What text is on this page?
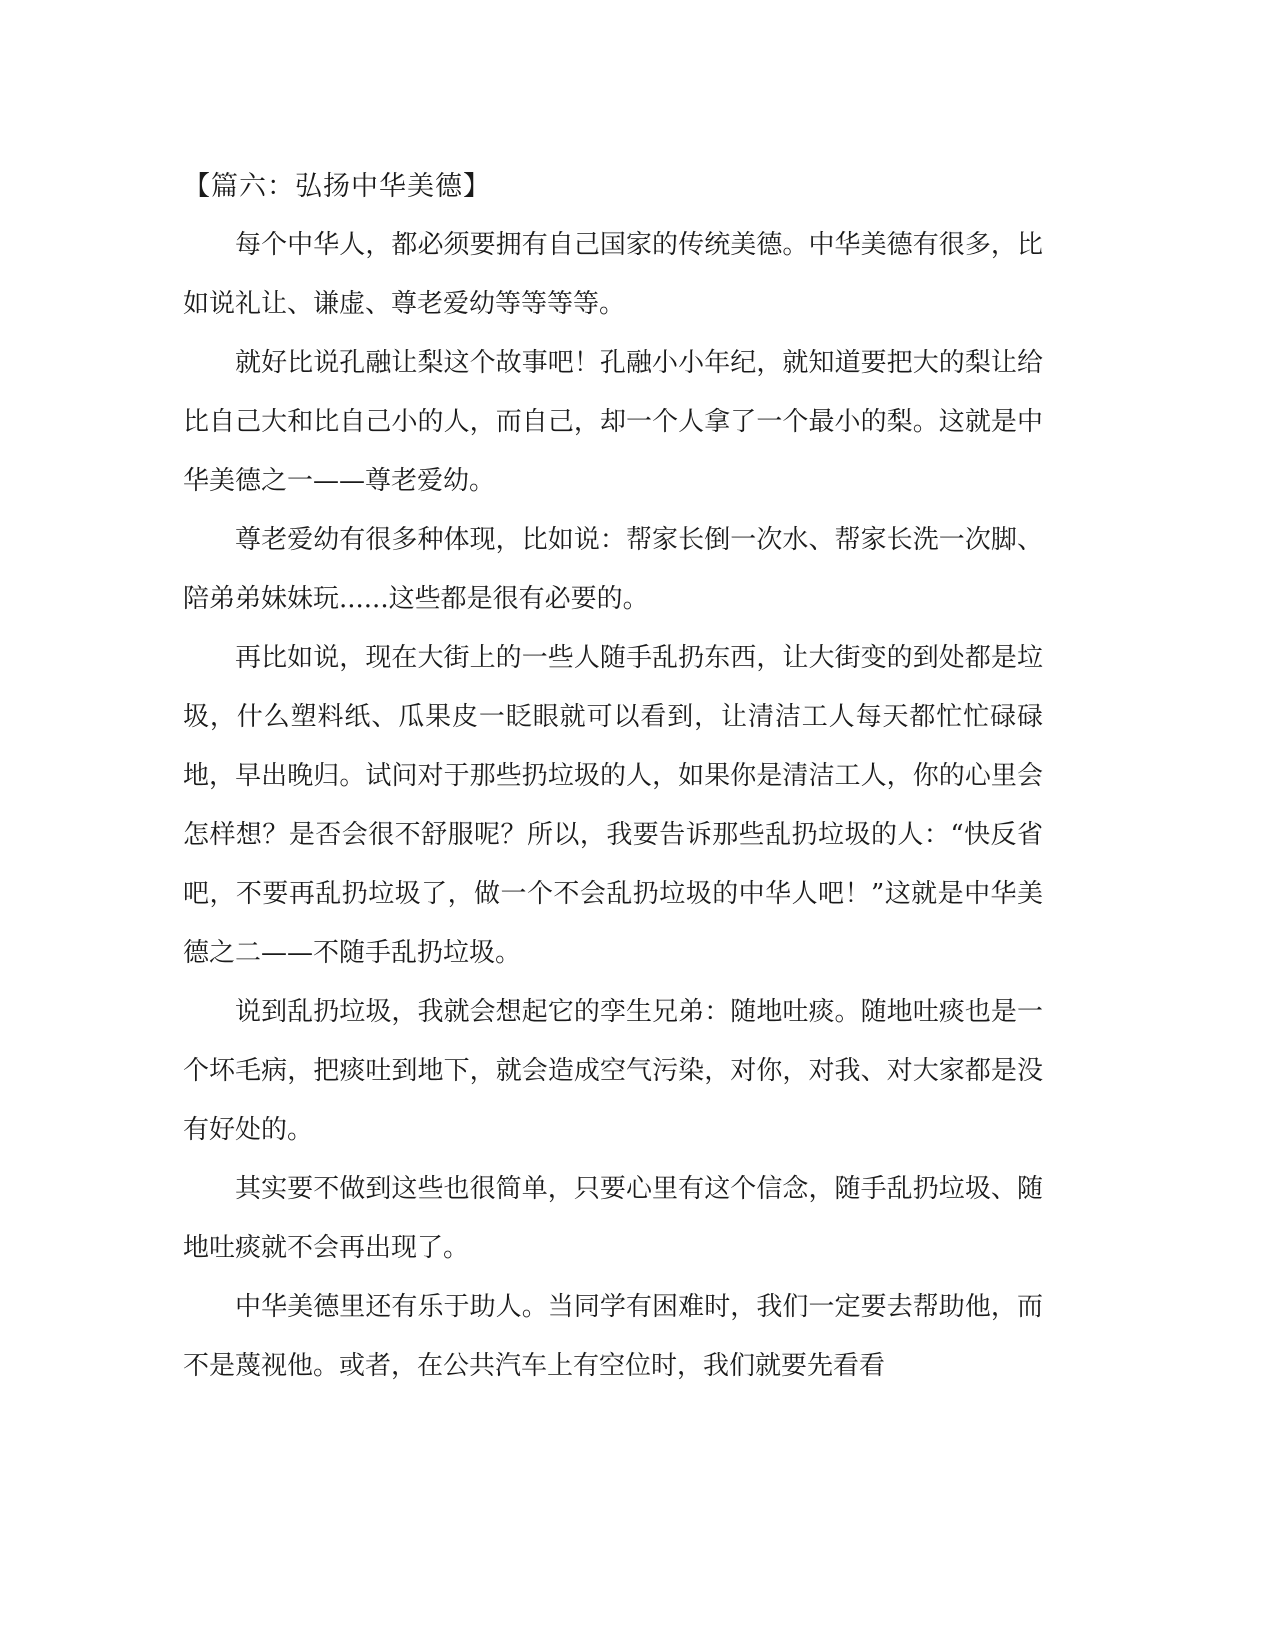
【篇六：弘扬中华美德】

每个中华人，都必须要拥有自己国家的传统美德。中华美德有很多，比如说礼让、谦虚、尊老爱幼等等等等。

就好比说孔融让梨这个故事吧！孔融小小年纪，就知道要把大的梨让给比自己大和比自己小的人，而自己，却一个人拿了一个最小的梨。这就是中华美德之一——尊老爱幼。

尊老爱幼有很多种体现，比如说：帮家长倒一次水、帮家长洗一次脚、陪弟弟妹妹玩......这些都是很有必要的。

再比如说，现在大街上的一些人随手乱扔东西，让大街变的到处都是垃圾，什么塑料纸、瓜果皮一眨眼就可以看到，让清洁工人每天都忙忙碌碌地，早出晚归。试问对于那些扔垃圾的人，如果你是清洁工人，你的心里会怎样想？是否会很不舒服呢？所以，我要告诉那些乱扔垃圾的人：“快反省吧，不要再乱扔垃圾了，做一个不会乱扔垃圾的中华人吧！”这就是中华美德之二——不随手乱扔垃圾。

说到乱扔垃圾，我就会想起它的孪生兄弟：随地吐痰。随地吐痰也是一个坏毛病，把痰吐到地下，就会造成空气污染，对你，对我、对大家都是没有好处的。

其实要不做到这些也很简单，只要心里有这个信念，随手乱扔垃圾、随地吐痰就不会再出现了。

中华美德里还有乐于助人。当同学有困难时，我们一定要去帮助他，而不是蔑视他。或者，在公共汽车上有空位时，我们就要先看看
